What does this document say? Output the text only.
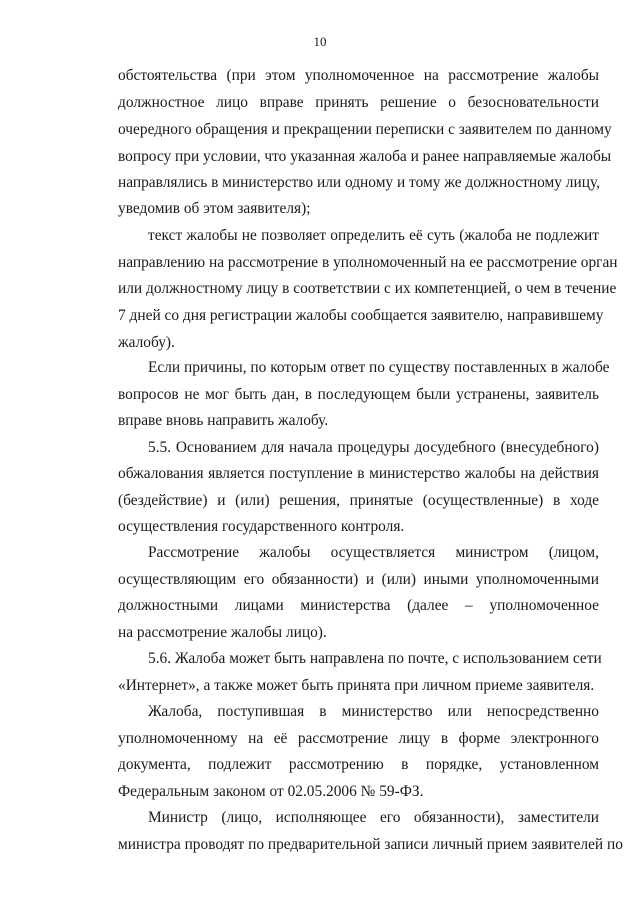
10
обстоятельства (при этом уполномоченное на рассмотрение жалобы
должностное лицо вправе принять решение о безосновательности
очередного обращения и прекращении переписки с заявителем по данному
вопросу при условии, что указанная жалоба и ранее направляемые жалобы
направлялись в министерство или одному и тому же должностному лицу,
уведомив об этом заявителя);
текст жалобы не позволяет определить её суть (жалоба не подлежит
направлению на рассмотрение в уполномоченный на ее рассмотрение орган
или должностному лицу в соответствии с их компетенцией, о чем в течение
7 дней со дня регистрации жалобы сообщается заявителю, направившему
жалобу).
Если причины, по которым ответ по существу поставленных в жалобе
вопросов не мог быть дан, в последующем были устранены, заявитель
вправе вновь направить жалобу.
5.5. Основанием для начала процедуры досудебного (внесудебного)
обжалования является поступление в министерство жалобы на действия
(бездействие) и (или) решения, принятые (осуществленные) в ходе
осуществления государственного контроля.
Рассмотрение жалобы осуществляется министром (лицом,
осуществляющим его обязанности) и (или) иными уполномоченными
должностными лицами министерства (далее – уполномоченное
на рассмотрение жалобы лицо).
5.6. Жалоба может быть направлена по почте, с использованием сети
«Интернет», а также может быть принята при личном приеме заявителя.
Жалоба, поступившая в министерство или непосредственно
уполномоченному на её рассмотрение лицу в форме электронного
документа, подлежит рассмотрению в порядке, установленном
Федеральным законом от 02.05.2006 № 59-ФЗ.
Министр (лицо, исполняющее его обязанности), заместители
министра проводят по предварительной записи личный прием заявителей по
